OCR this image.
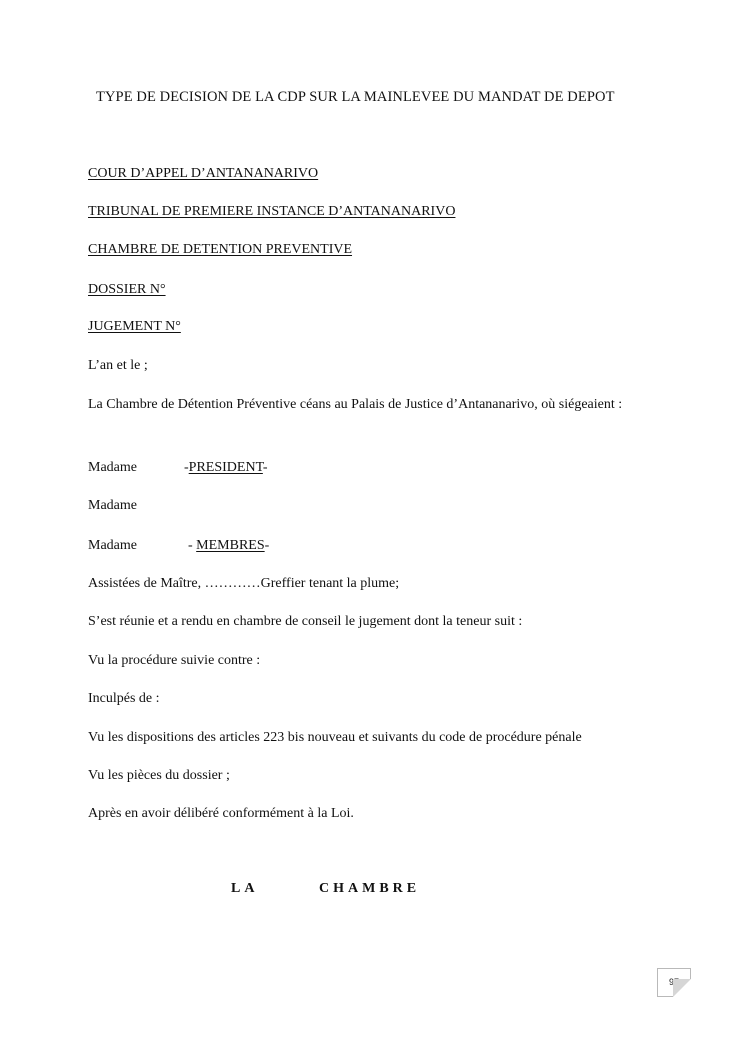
TYPE DE DECISION DE LA CDP SUR LA MAINLEVEE DU MANDAT DE DEPOT
COUR D’APPEL D’ANTANANARIVO
TRIBUNAL DE PREMIERE INSTANCE D’ANTANANARIVO
CHAMBRE DE DETENTION PREVENTIVE
DOSSIER N°
JUGEMENT N°
L’an et le ;
La Chambre de Détention Préventive céans au Palais de Justice d’Antananarivo, où siégeaient :
Madame	-PRESIDENT-
Madame
Madame	- MEMBRES-
Assistées de Maître, …………Greffier tenant la plume;
S’est réunie et a rendu en chambre de conseil le jugement dont la teneur suit :
Vu la procédure suivie contre :
Inculpés de :
Vu les dispositions des articles 223 bis nouveau et suivants du code de procédure pénale
Vu les pièces du dossier ;
Après en avoir délibéré conformément à la Loi.
LA	CHAMBRE
97
